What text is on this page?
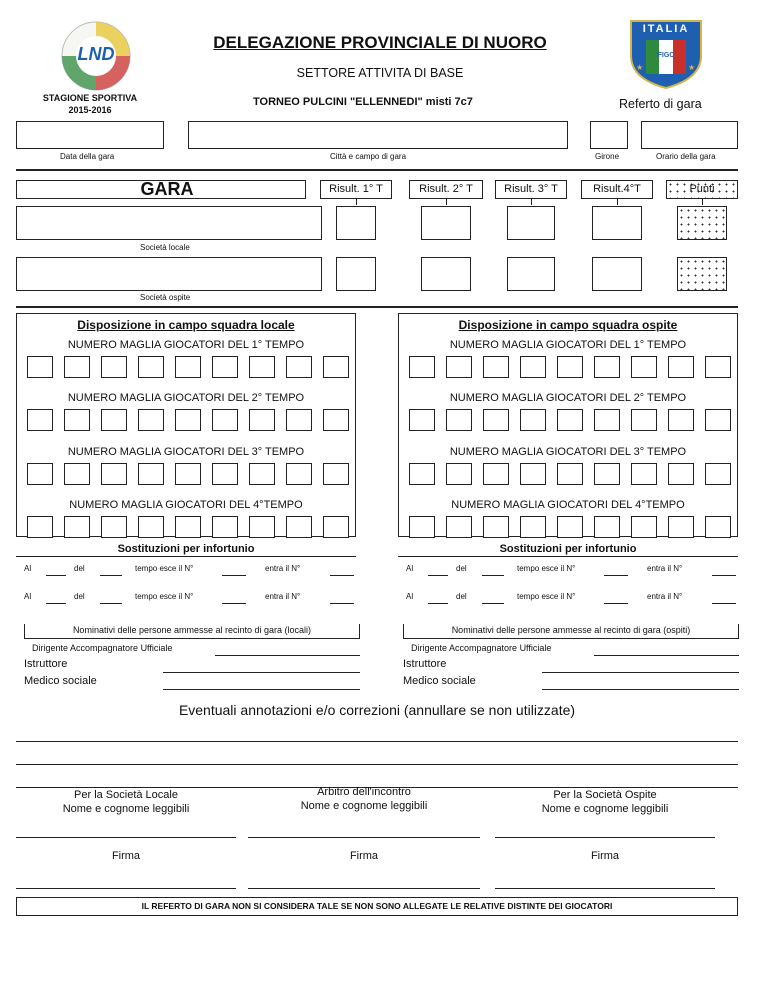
LND
STAGIONE SPORTIVA
2015-2016
DELEGAZIONE PROVINCIALE DI NUORO
SETTORE ATTIVITA DI BASE
TORNEO PULCINI "ELLENNEDI" misti 7c7	Referto di gara
★
★
ITALIA
FIGC
Data della gara	Città e campo di gara	Girone	Orario della gara
GARA	Risult. 1° T	Risult. 2° T	Risult. 3° T	Risult.4°T	Punti
Società locale
Società ospite
Disposizione in campo squadra locale	Disposizione in campo squadra ospite
NUMERO MAGLIA GIOCATORI DEL 1° TEMPO
NUMERO MAGLIA GIOCATORI DEL 2° TEMPO
NUMERO MAGLIA GIOCATORI DEL 3° TEMPO
NUMERO MAGLIA GIOCATORI DEL 4°TEMPO
NUMERO MAGLIA GIOCATORI DEL 1° TEMPO
NUMERO MAGLIA GIOCATORI DEL 2° TEMPO
NUMERO MAGLIA GIOCATORI DEL 3° TEMPO
NUMERO MAGLIA GIOCATORI DEL 4°TEMPO
Sostituzioni per infortunio	Sostituzioni per infortunio
Al	del	tempo esce il N°	entra il N°
Al	del	tempo esce il N°	entra il N°
Al	del	tempo esce il N°	entra il N°
Al	del	tempo esce il N°	entra il N°
Nominativi delle persone ammesse al recinto di gara (locali)	Nominativi delle persone ammesse al recinto di gara (ospiti)
Dirigente Accompagnatore Ufficiale
Istruttore
Medico sociale
Dirigente Accompagnatore Ufficiale
Istruttore
Medico sociale
Eventuali annotazioni e/o correzioni (annullare se non utilizzate)
Per la Società Locale
Nome e cognome leggibili
Arbitro dell'incontro
Nome e cognome leggibili
Per la Società Ospite
Nome e cognome leggibili
Firma	Firma	Firma
IL REFERTO DI GARA NON SI CONSIDERA TALE SE NON SONO ALLEGATE LE RELATIVE DISTINTE DEI GIOCATORI
